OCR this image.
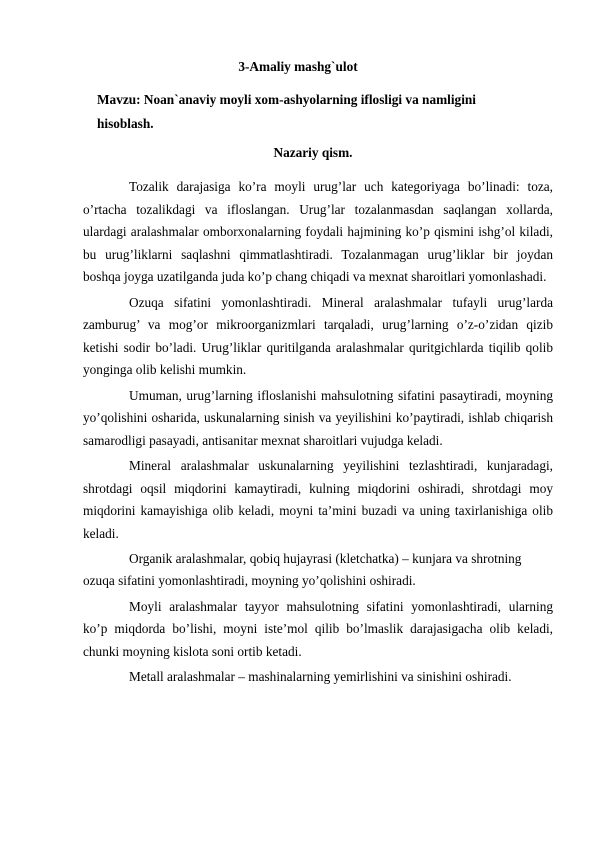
3-Amaliy mashg`ulot
Mavzu: Noan`anaviy moyli xom-ashyolarning iflosligi va namligini hisoblash.
Nazariy qism.

Tozalik darajasiga ko’ra moyli urug’lar uch kategoriyaga bo’linadi: toza, o’rtacha tozalikdagi va ifloslangan. Urug’lar tozalanmasdan saqlangan xollarda, ulardagi aralashmalar omborxonalarning foydali hajmining ko’p qismini ishg’ol kiladi, bu urug’liklarni saqlashni qimmatlashtiradi. Tozalanmagan urug’liklar bir joydan boshqa joyga uzatilganda juda ko’p chang chiqadi va mexnat sharoitlari yomonlashadi.

Ozuqa sifatini yomonlashtiradi. Mineral aralashmalar tufayli urug’larda zamburug’ va mog’or mikroorganizmlari tarqaladi, urug’larning o’z-o’zidan qizib ketishi sodir bo’ladi. Urug’liklar quritilganda aralashmalar quritgichlarda tiqilib qolib yonginga olib kelishi mumkin.

Umuman, urug’larning ifloslanishi mahsulotning sifatini pasaytiradi, moyning yo’qolishini osharida, uskunalarning sinish va yeyilishini ko’paytiradi, ishlab chiqarish samarodligi pasayadi, antisanitar mexnat sharoitlari vujudga keladi.

Mineral aralashmalar uskunalarning yeyilishini tezlashtiradi, kunjaradagi, shrotdagi oqsil miqdorini kamaytiradi, kulning miqdorini oshiradi, shrotdagi moy miqdorini kamayishiga olib keladi, moyni ta’mini buzadi va uning taxirlanishiga olib keladi.

Organik aralashmalar, qobiq hujayrasi (kletchatka) – kunjara va shrotning ozuqa sifatini yomonlashtiradi, moyning yo’qolishini oshiradi.

Moyli aralashmalar tayyor mahsulotning sifatini yomonlashtiradi, ularning ko’p miqdorda bo’lishi, moyni iste’mol qilib bo’lmaslik darajasigacha olib keladi, chunki moyning kislota soni ortib ketadi.

Metall aralashmalar – mashinalarning yemirlishini va sinishini oshiradi.
